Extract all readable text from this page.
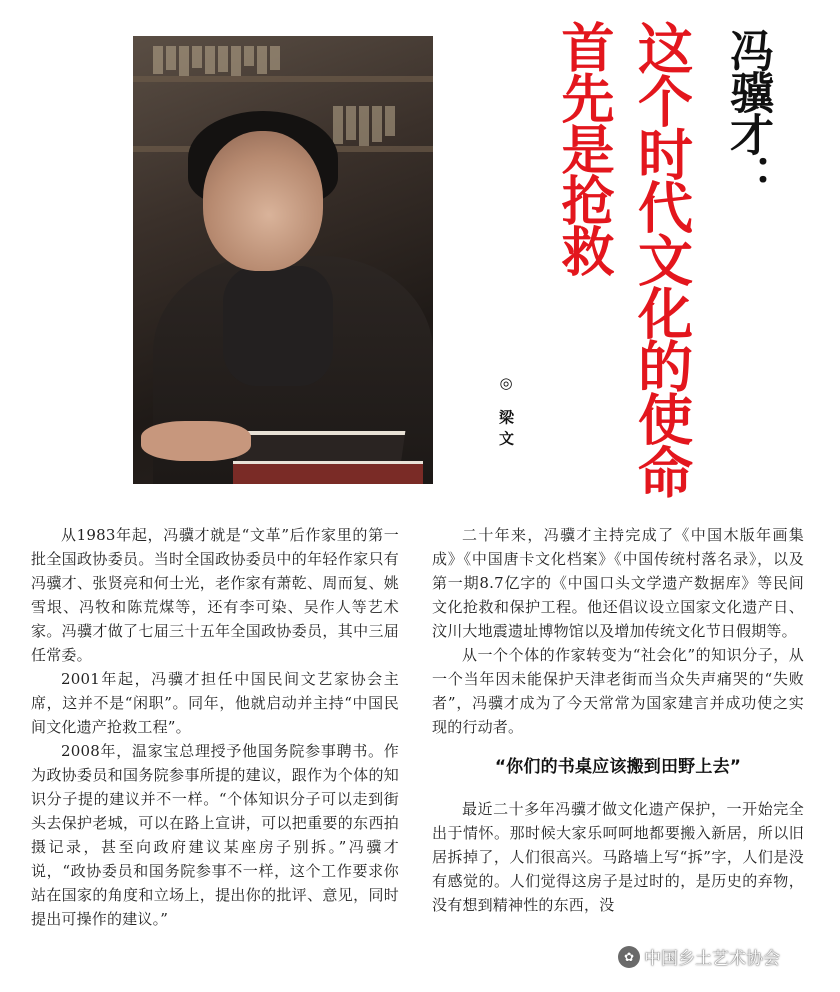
冯骥才：
这个时代文化的使命
首先是抢救
◎ 梁文

从1983年起，冯骥才就是“文革”后作家里的第一批全国政协委员。当时全国政协委员中的年轻作家只有冯骥才、张贤亮和何士光，老作家有萧乾、周而复、姚雪垠、冯牧和陈荒煤等，还有李可染、吴作人等艺术家。冯骥才做了七届三十五年全国政协委员，其中三届任常委。

2001年起，冯骥才担任中国民间文艺家协会主席，这并不是“闲职”。同年，他就启动并主持“中国民间文化遗产抢救工程”。

2008年，温家宝总理授予他国务院参事聘书。作为政协委员和国务院参事所提的建议，跟作为个体的知识分子提的建议并不一样。“个体知识分子可以走到街头去保护老城，可以在路上宣讲，可以把重要的东西拍摄记录，甚至向政府建议某座房子别拆。”冯骥才说，“政协委员和国务院参事不一样，这个工作要求你站在国家的角度和立场上，提出你的批评、意见，同时提出可操作的建议。”

二十年来，冯骥才主持完成了《中国木版年画集成》《中国唐卡文化档案》《中国传统村落名录》，以及第一期8.7亿字的《中国口头文学遗产数据库》等民间文化抢救和保护工程。他还倡议设立国家文化遗产日、汶川大地震遗址博物馆以及增加传统文化节日假期等。

从一个个体的作家转变为“社会化”的知识分子，从一个当年因未能保护天津老街而当众失声痛哭的“失败者”，冯骥才成为了今天常常为国家建言并成功使之实现的行动者。

“你们的书桌应该搬到田野上去”

最近二十多年冯骥才做文化遗产保护，一开始完全出于情怀。那时候大家乐呵呵地都要搬入新居，所以旧居拆掉了，人们很高兴。马路墙上写“拆”字，人们是没有感觉的。人们觉得这房子是过时的，是历史的弃物，没有想到精神性的东西，没

✿ 中国乡土艺术协会
